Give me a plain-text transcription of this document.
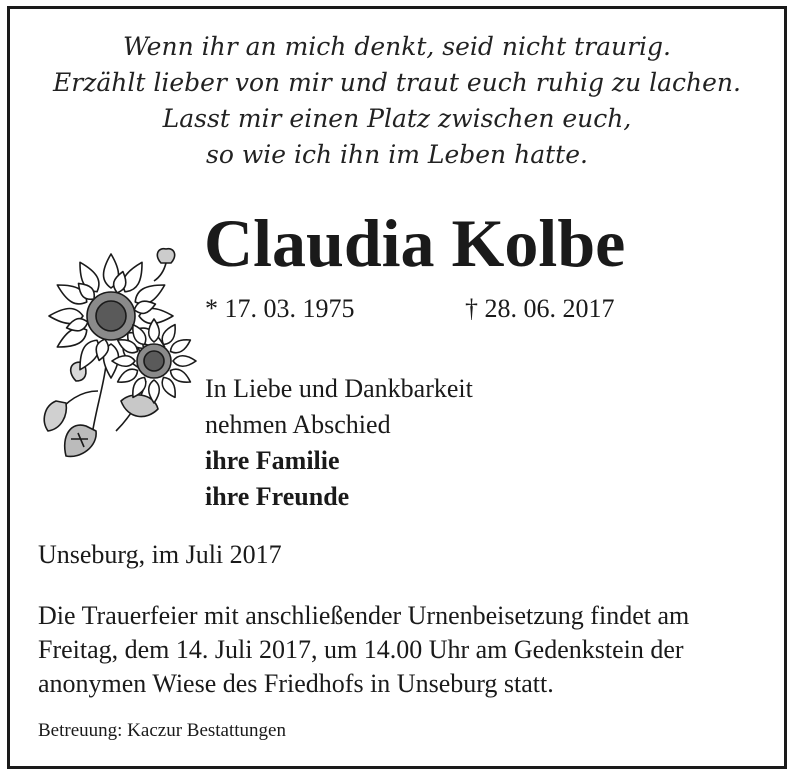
Wenn ihr an mich denkt, seid nicht traurig.
Erzählt lieber von mir und traut euch ruhig zu lachen.
Lasst mir einen Platz zwischen euch,
so wie ich ihn im Leben hatte.
Claudia Kolbe
* 17. 03. 1975	† 28. 06. 2017
In Liebe und Dankbarkeit
nehmen Abschied
ihre Familie
ihre Freunde
Unseburg, im Juli 2017
Die Trauerfeier mit anschließender Urnenbeisetzung findet am
Freitag, dem 14. Juli 2017, um 14.00 Uhr am Gedenkstein der
anonymen Wiese des Friedhofs in Unseburg statt.
Betreuung: Kaczur Bestattungen
